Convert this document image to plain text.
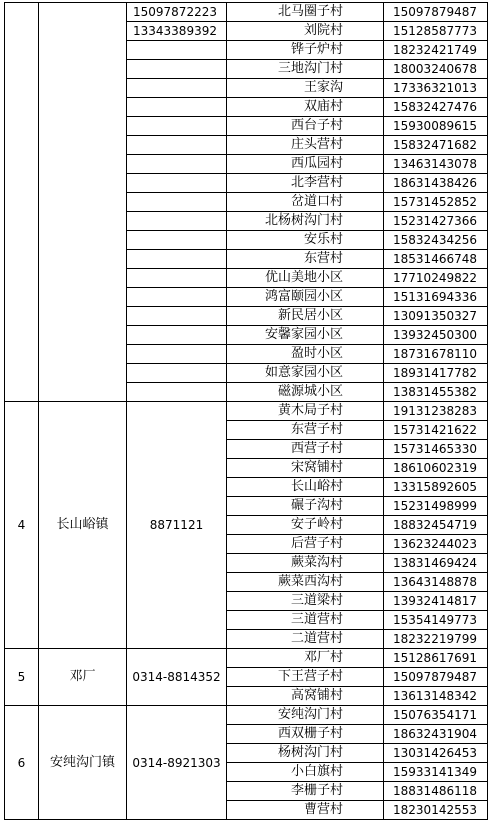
		15097872223	北马圈子村	15097879487
		13343389392	刘院村	15128587773
			铧子炉村	18232421749
			三地沟门村	18003240678
			王家沟	17336321013
			双庙村	15832427476
			西台子村	15930089615
			庄头营村	15832471682
			西瓜园村	13463143078
			北李营村	18631438426
			岔道口村	15731452852
			北杨树沟门村	15231427366
			安乐村	15832434256
			东营村	18531466748
			优山美地小区	17710249822
			鸿富颐园小区	15131694336
			新民居小区	13091350327
			安馨家园小区	13932450300
			盈时小区	18731678110
			如意家园小区	18931417782
			磁源城小区	13831455382
4	长山峪镇	8871121	黄木局子村	19131238283
			东营子村	15731421622
			西营子村	15731465330
			宋窝铺村	18610602319
			长山峪村	13315892605
			碾子沟村	15231498999
			安子岭村	18832454719
			后营子村	13623244023
			蕨菜沟村	13831469424
			蕨菜西沟村	13643148878
			三道梁村	13932414817
			三道营村	15354149773
			二道营村	18232219799
5	邓厂	0314-8814352	邓厂村	15128617691
			下王营子村	15097879487
			高窝铺村	13613148342
6	安纯沟门镇	0314-8921303	安纯沟门村	15076354171
			西双栅子村	18632431904
			杨树沟门村	13031426453
			小白旗村	15933141349
			李栅子村	18831486118
			曹营村	18230142553
